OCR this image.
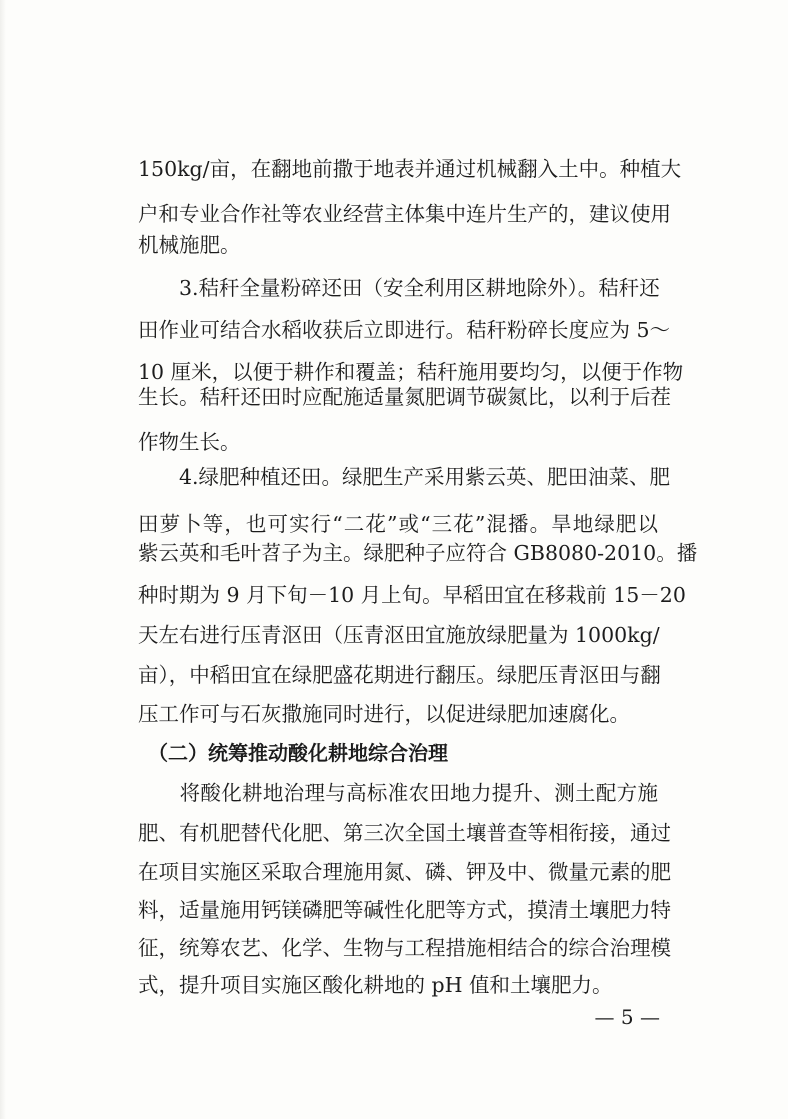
150kg/亩，在翻地前撒于地表并通过机械翻入土中。种植大
户和专业合作社等农业经营主体集中连片生产的，建议使用
机械施肥。
　　3.秸秆全量粉碎还田（安全利用区耕地除外）。秸秆还
田作业可结合水稻收获后立即进行。秸秆粉碎长度应为 5～
10 厘米，以便于耕作和覆盖；秸秆施用要均匀，以便于作物
生长。秸秆还田时应配施适量氮肥调节碳氮比，以利于后茬
作物生长。
　　4.绿肥种植还田。绿肥生产采用紫云英、肥田油菜、肥
田萝卜等，也可实行“二花”或“三花”混播。旱地绿肥以
紫云英和毛叶苕子为主。绿肥种子应符合 GB8080-2010。播
种时期为 9 月下旬－10 月上旬。早稻田宜在移栽前 15－20
天左右进行压青沤田（压青沤田宜施放绿肥量为 1000kg/
亩），中稻田宜在绿肥盛花期进行翻压。绿肥压青沤田与翻
压工作可与石灰撒施同时进行，以促进绿肥加速腐化。
　（二）统筹推动酸化耕地综合治理
　　将酸化耕地治理与高标准农田地力提升、测土配方施
肥、有机肥替代化肥、第三次全国土壤普查等相衔接，通过
在项目实施区采取合理施用氮、磷、钾及中、微量元素的肥
料，适量施用钙镁磷肥等碱性化肥等方式，摸清土壤肥力特
征，统筹农艺、化学、生物与工程措施相结合的综合治理模
式，提升项目实施区酸化耕地的 pH 值和土壤肥力。
— 5 —
